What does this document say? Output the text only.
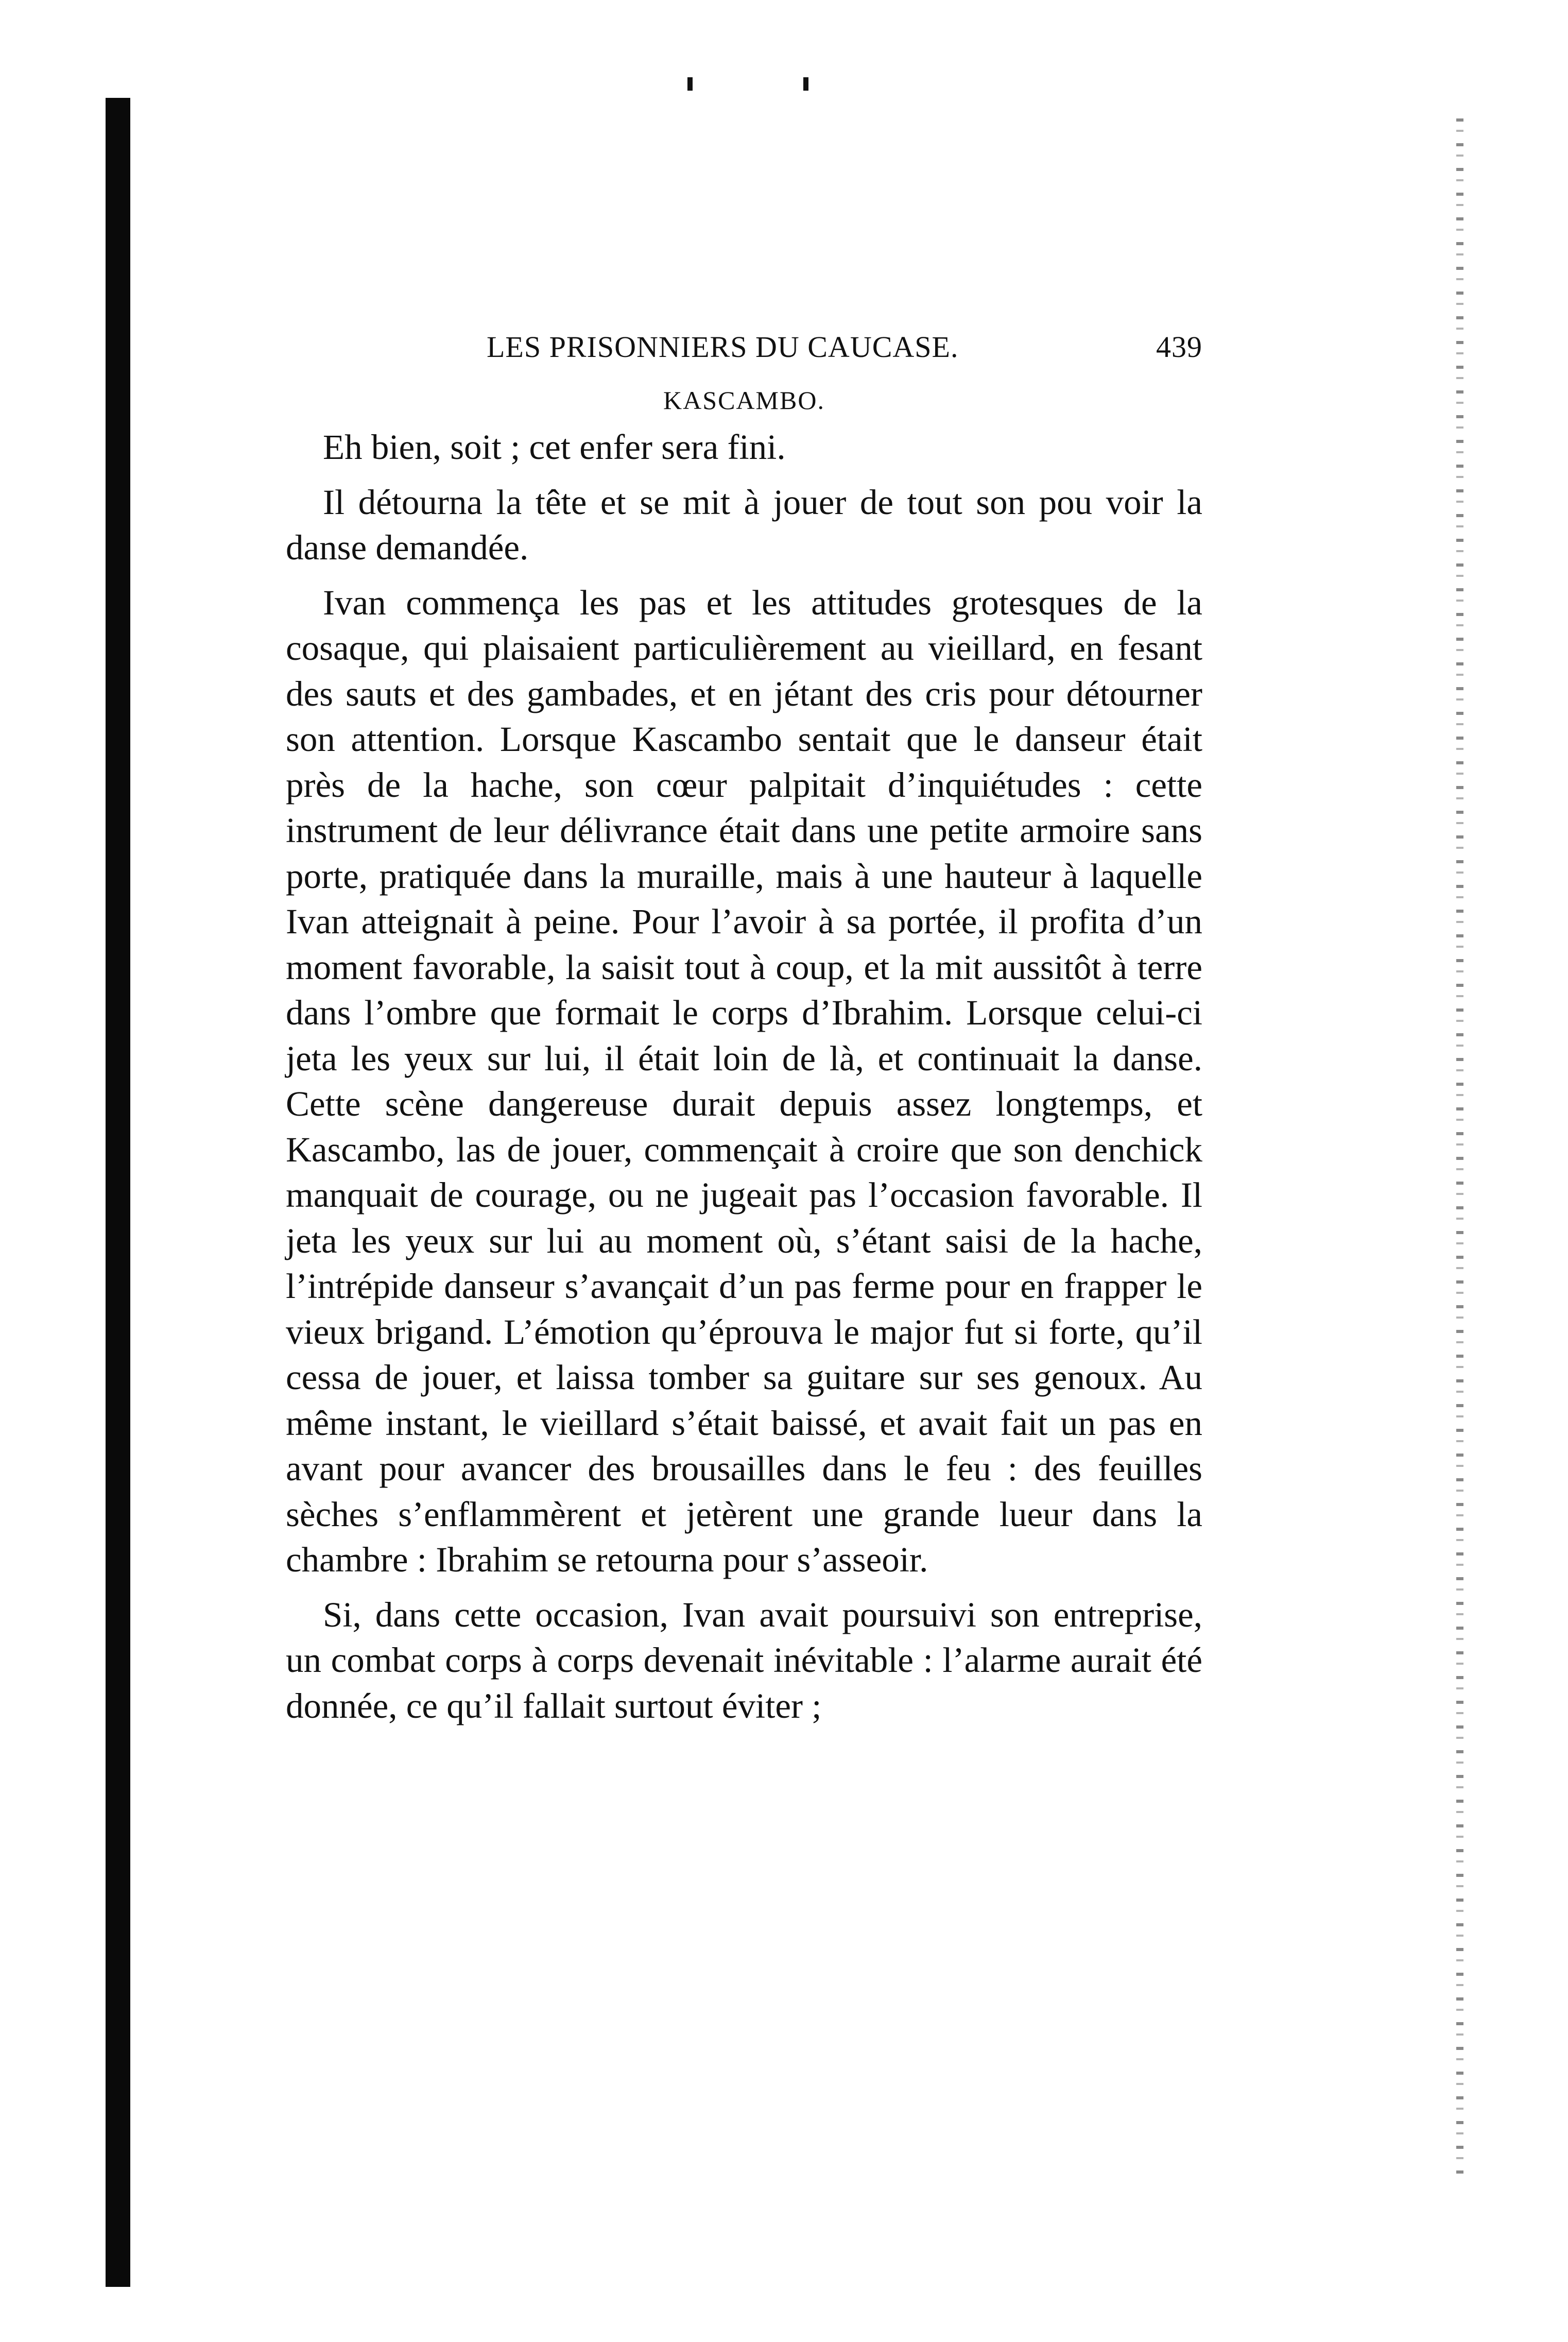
LES PRISONNIERS DU CAUCASE.	439
KASCAMBO.

Eh bien, soit ; cet enfer sera fini.

Il détourna la tête et se mit à jouer de tout son pou voir la danse demandée.

Ivan commença les pas et les attitudes grotesques de la cosaque, qui plaisaient particulièrement au vieillard, en fesant des sauts et des gambades, et en jétant des cris pour détourner son attention. Lorsque Kascambo sentait que le danseur était près de la hache, son cœur palpitait d’inquiétudes : cette instrument de leur délivrance était dans une petite armoire sans porte, pratiquée dans la muraille, mais à une hauteur à laquelle Ivan atteignait à peine. Pour l’avoir à sa portée, il profita d’un moment favorable, la saisit tout à coup, et la mit aussitôt à terre dans l’ombre que formait le corps d’Ibrahim. Lorsque celui-ci jeta les yeux sur lui, il était loin de là, et continuait la danse. Cette scène dangereuse durait depuis assez longtemps, et Kascambo, las de jouer, commençait à croire que son denchick manquait de courage, ou ne jugeait pas l’occasion favorable. Il jeta les yeux sur lui au moment où, s’étant saisi de la hache, l’intrépide danseur s’avançait d’un pas ferme pour en frapper le vieux brigand. L’émotion qu’éprouva le major fut si forte, qu’il cessa de jouer, et laissa tomber sa guitare sur ses genoux. Au même instant, le vieillard s’était baissé, et avait fait un pas en avant pour avancer des brousailles dans le feu : des feuilles sèches s’enflammèrent et jetèrent une grande lueur dans la chambre : Ibrahim se retourna pour s’asseoir.

Si, dans cette occasion, Ivan avait poursuivi son entreprise, un combat corps à corps devenait inévitable : l’alarme aurait été donnée, ce qu’il fallait surtout éviter ;
